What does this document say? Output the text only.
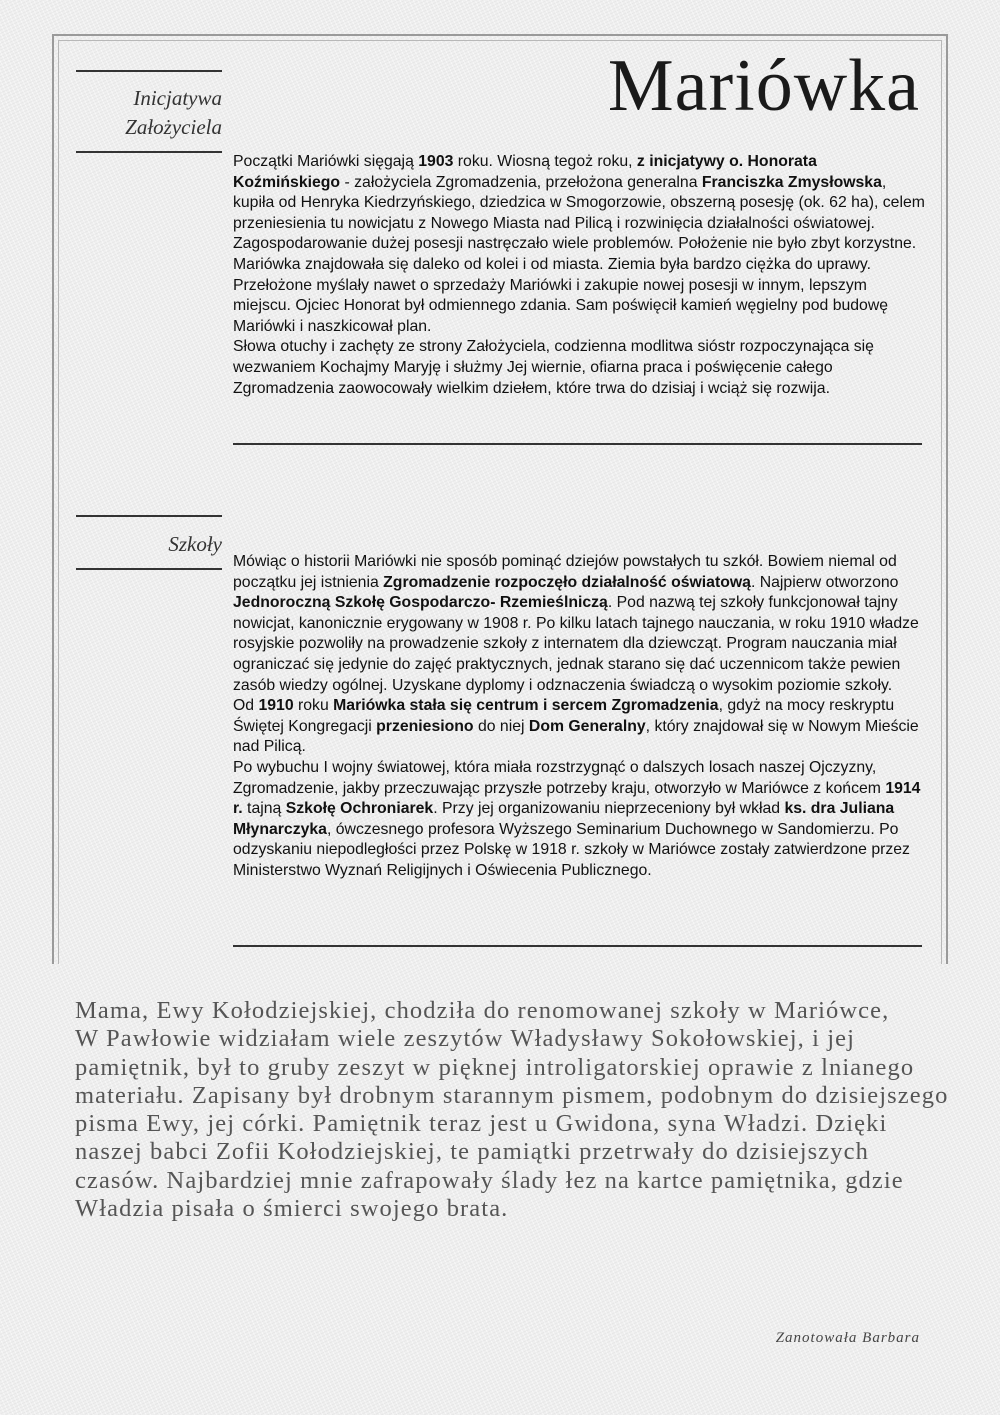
Mariówka
Inicjatywa
Założyciela

Początki Mariówki sięgają 1903 roku. Wiosną tegoż roku, z inicjatywy o. Honorata Koźmińskiego - założyciela Zgromadzenia, przełożona generalna Franciszka Zmysłowska, kupiła od Henryka Kiedrzyńskiego, dziedzica w Smogorzowie, obszerną posesję (ok. 62 ha), celem przeniesienia tu nowicjatu z Nowego Miasta nad Pilicą i rozwinięcia działalności oświatowej.

Zagospodarowanie dużej posesji nastręczało wiele problemów. Położenie nie było zbyt korzystne. Mariówka znajdowała się daleko od kolei i od miasta. Ziemia była bardzo ciężka do uprawy. Przełożone myślały nawet o sprzedaży Mariówki i zakupie nowej posesji w innym, lepszym miejscu. Ojciec Honorat był odmiennego zdania. Sam poświęcił kamień węgielny pod budowę Mariówki i naszkicował plan.

Słowa otuchy i zachęty ze strony Założyciela, codzienna modlitwa sióstr rozpoczynająca się wezwaniem Kochajmy Maryję i służmy Jej wiernie, ofiarna praca i poświęcenie całego Zgromadzenia zaowocowały wielkim dziełem, które trwa do dzisiaj i wciąż się rozwija.

Szkoły

Mówiąc o historii Mariówki nie sposób pominąć dziejów powstałych tu szkół. Bowiem niemal od początku jej istnienia Zgromadzenie rozpoczęło działalność oświatową. Najpierw otworzono Jednoroczną Szkołę Gospodarczo- Rzemieślniczą. Pod nazwą tej szkoły funkcjonował tajny nowicjat, kanonicznie erygowany w 1908 r. Po kilku latach tajnego nauczania, w roku 1910 władze rosyjskie pozwoliły na prowadzenie szkoły z internatem dla dziewcząt. Program nauczania miał ograniczać się jedynie do zajęć praktycznych, jednak starano się dać uczennicom także pewien zasób wiedzy ogólnej. Uzyskane dyplomy i odznaczenia świadczą o wysokim poziomie szkoły.

Od 1910 roku Mariówka stała się centrum i sercem Zgromadzenia, gdyż na mocy reskryptu Świętej Kongregacji przeniesiono do niej Dom Generalny, który znajdował się w Nowym Mieście nad Pilicą.

Po wybuchu I wojny światowej, która miała rozstrzygnąć o dalszych losach naszej Ojczyzny, Zgromadzenie, jakby przeczuwając przyszłe potrzeby kraju, otworzyło w Mariówce z końcem 1914 r. tajną Szkołę Ochroniarek. Przy jej organizowaniu nieprzeceniony był wkład ks. dra Juliana Młynarczyka, ówczesnego profesora Wyższego Seminarium Duchownego w Sandomierzu. Po odzyskaniu niepodległości przez Polskę w 1918 r. szkoły w Mariówce zostały zatwierdzone przez Ministerstwo Wyznań Religijnych i Oświecenia Publicznego.

Mama, Ewy Kołodziejskiej, chodziła do renomowanej szkoły w Mariówce,
W Pawłowie widziałam wiele zeszytów Władysławy Sokołowskiej, i jej pamiętnik, był to gruby zeszyt w pięknej introligatorskiej oprawie z lnianego materiału. Zapisany był drobnym starannym pismem, podobnym do dzisiejszego pisma Ewy, jej córki. Pamiętnik teraz jest u Gwidona, syna Władzi. Dzięki naszej babci Zofii Kołodziejskiej, te pamiątki przetrwały do dzisiejszych czasów. Najbardziej mnie zafrapowały ślady łez na kartce pamiętnika, gdzie Władzia pisała o śmierci swojego brata.
Zanotowała Barbara
